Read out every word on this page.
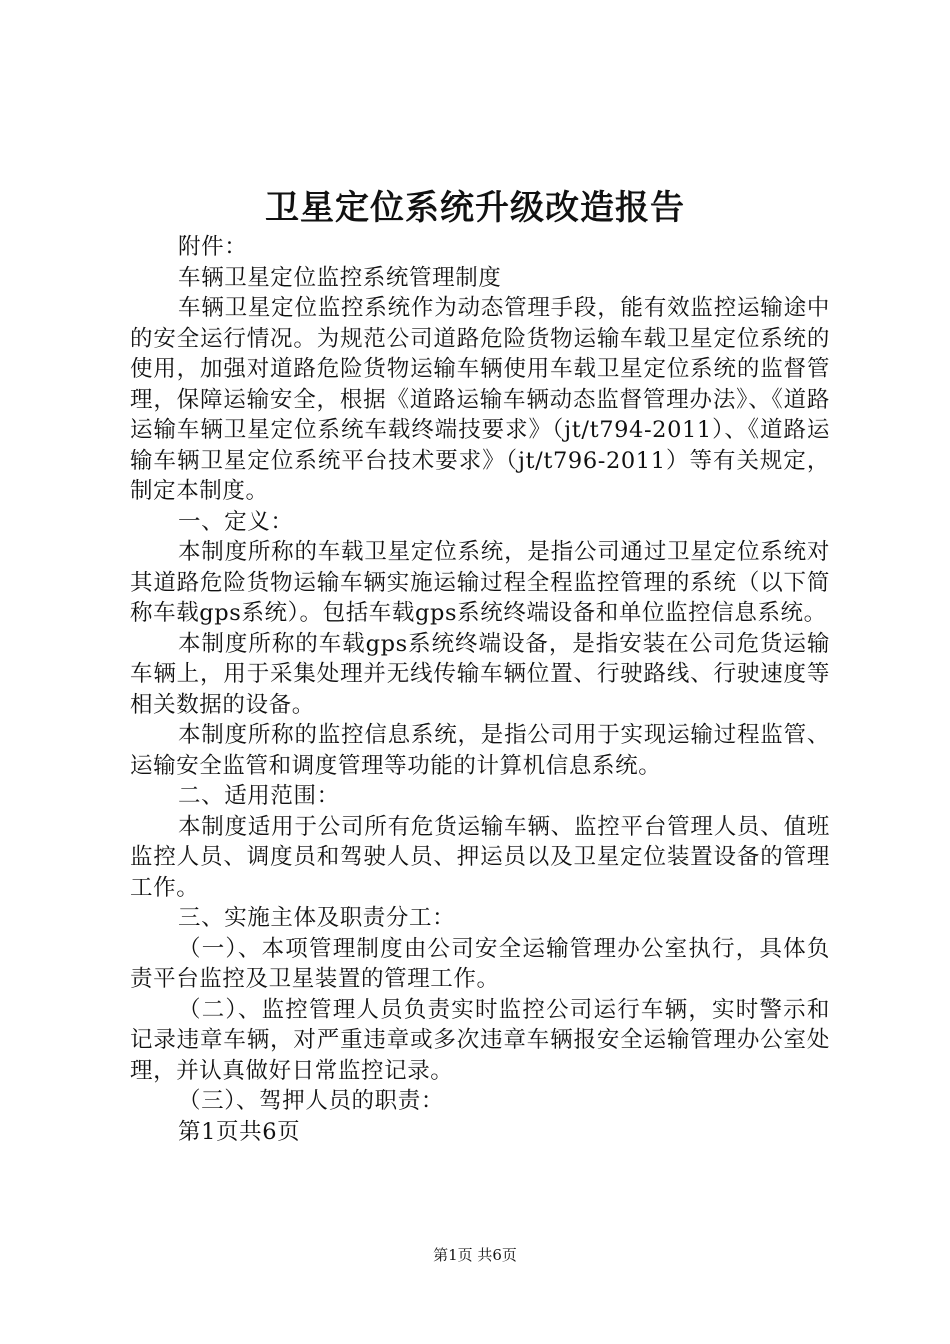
卫星定位系统升级改造报告

附件：

车辆卫星定位监控系统管理制度

车辆卫星定位监控系统作为动态管理手段，能有效监控运输途中的安全运行情况。为规范公司道路危险货物运输车载卫星定位系统的使用，加强对道路危险货物运输车辆使用车载卫星定位系统的监督管理，保障运输安全，根据《道路运输车辆动态监督管理办法》、《道路运输车辆卫星定位系统车载终端技要求》（jt/t794-2011）、《道路运输车辆卫星定位系统平台技术要求》（jt/t796-2011）等有关规定，制定本制度。

一、定义：

本制度所称的车载卫星定位系统，是指公司通过卫星定位系统对其道路危险货物运输车辆实施运输过程全程监控管理的系统（以下简称车载gps系统）。包括车载gps系统终端设备和单位监控信息系统。

本制度所称的车载gps系统终端设备，是指安装在公司危货运输车辆上，用于采集处理并无线传输车辆位置、行驶路线、行驶速度等相关数据的设备。

本制度所称的监控信息系统，是指公司用于实现运输过程监管、运输安全监管和调度管理等功能的计算机信息系统。

二、适用范围：

本制度适用于公司所有危货运输车辆、监控平台管理人员、值班监控人员、调度员和驾驶人员、押运员以及卫星定位装置设备的管理工作。

三、实施主体及职责分工：

（一）、本项管理制度由公司安全运输管理办公室执行，具体负责平台监控及卫星装置的管理工作。

（二）、监控管理人员负责实时监控公司运行车辆，实时警示和记录违章车辆，对严重违章或多次违章车辆报安全运输管理办公室处理，并认真做好日常监控记录。

（三）、驾押人员的职责：

第1页共6页

第1页 共6页
